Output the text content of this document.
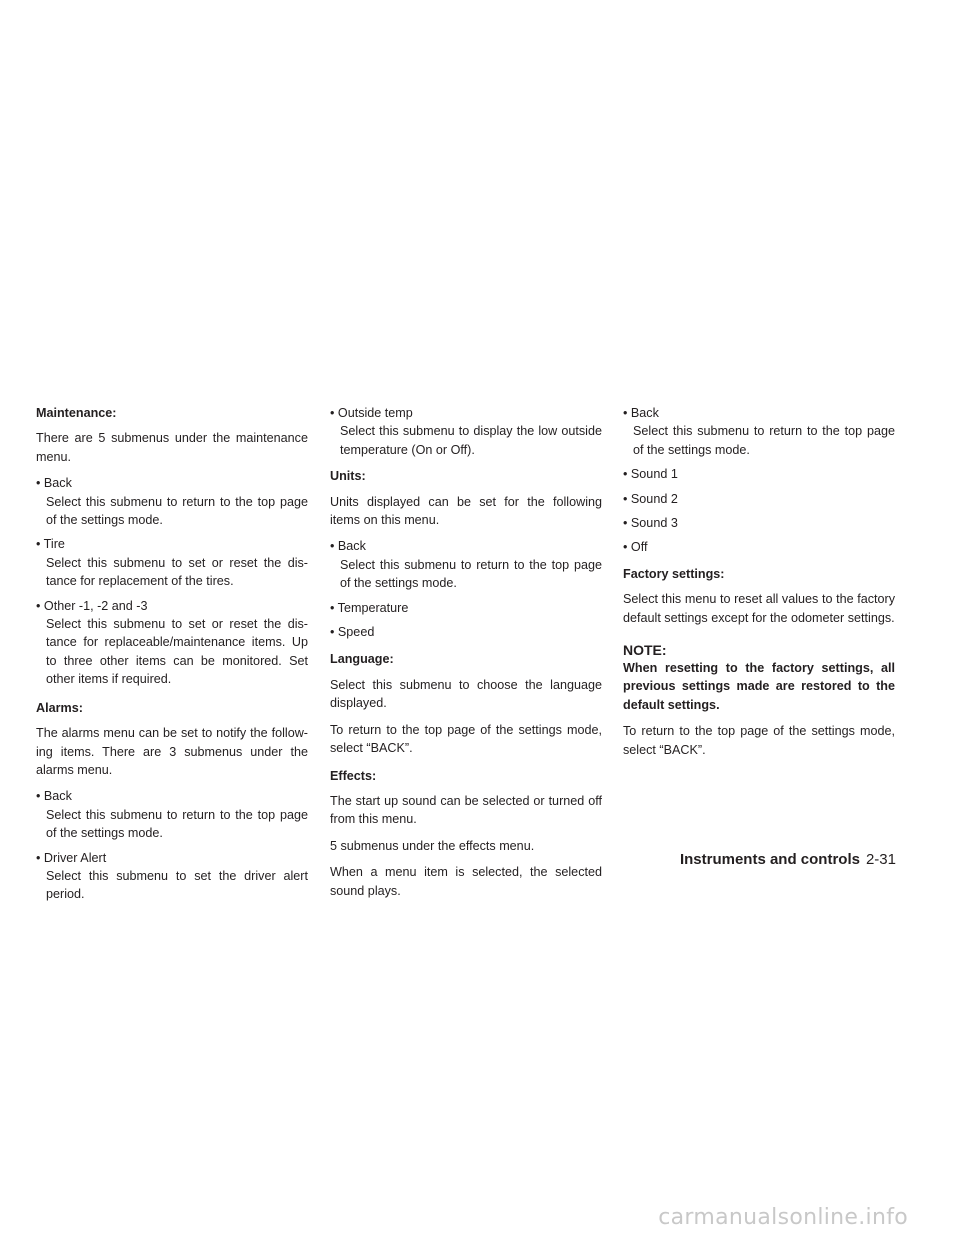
Maintenance:
There are 5 submenus under the maintenance menu.
• Back
Select this submenu to return to the top page of the settings mode.
• Tire
Select this submenu to set or reset the dis-tance for replacement of the tires.
• Other -1, -2 and -3
Select this submenu to set or reset the dis-tance for replaceable/maintenance items. Up to three other items can be monitored. Set other items if required.
Alarms:
The alarms menu can be set to notify the follow-ing items. There are 3 submenus under the alarms menu.
• Back
Select this submenu to return to the top page of the settings mode.
• Driver Alert
Select this submenu to set the driver alert period.
• Outside temp
Select this submenu to display the low outside temperature (On or Off).
Units:
Units displayed can be set for the following items on this menu.
• Back
Select this submenu to return to the top page of the settings mode.
• Temperature
• Speed
Language:
Select this submenu to choose the language displayed.
To return to the top page of the settings mode, select “BACK”.
Effects:
The start up sound can be selected or turned off from this menu.
5 submenus under the effects menu.
When a menu item is selected, the selected sound plays.
• Back
Select this submenu to return to the top page of the settings mode.
• Sound 1
• Sound 2
• Sound 3
• Off
Factory settings:
Select this menu to reset all values to the factory default settings except for the odometer settings.
NOTE:
When resetting to the factory settings, all previous settings made are restored to the default settings.
To return to the top page of the settings mode, select “BACK”.
Instruments and controls 2-31
carmanualsonline.info
